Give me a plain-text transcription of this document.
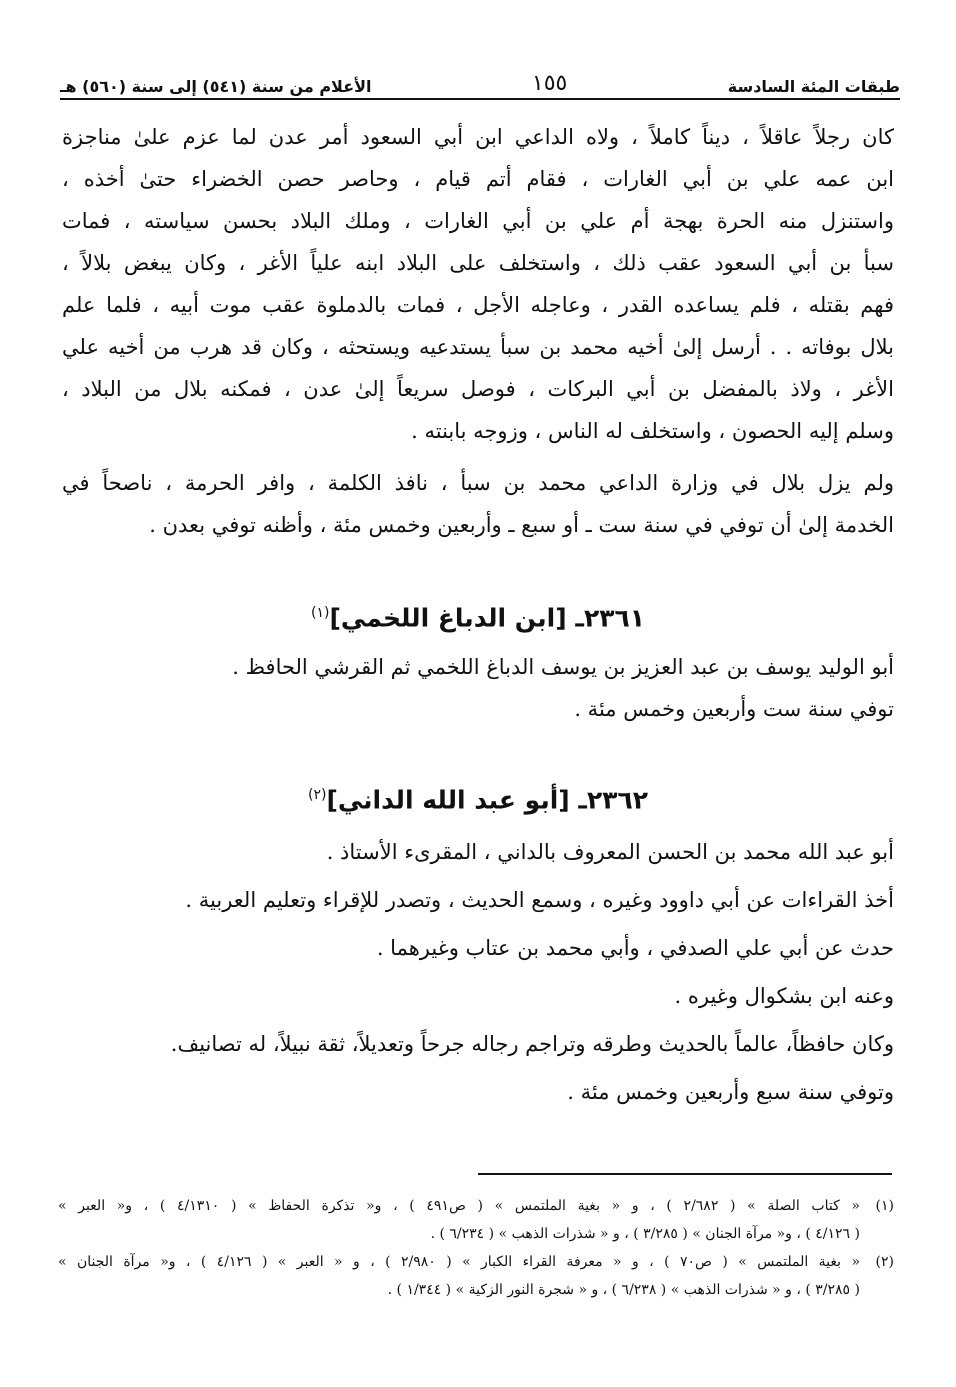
طبقات المئة السادسة
١٥٥
الأعلام من سنة (٥٤١) إلى سنة (٥٦٠) هـ
كان رجلاً عاقلاً ، ديناً كاملاً ، ولاه الداعي ابن أبي السعود أمر عدن لما عزم علىٰ مناجزة
ابن عمه علي بن أبي الغارات ، فقام أتم قيام ، وحاصر حصن الخضراء حتىٰ أخذه ،
واستنزل منه الحرة بهجة أم علي بن أبي الغارات ، وملك البلاد بحسن سياسته ، فمات
سبأ بن أبي السعود عقب ذلك ، واستخلف على البلاد ابنه علياً الأغر ، وكان يبغض بلالاً ،
فهم بقتله ، فلم يساعده القدر ، وعاجله الأجل ، فمات بالدملوة عقب موت أبيه ، فلما علم
بلال بوفاته . . أرسل إلىٰ أخيه محمد بن سبأ يستدعيه ويستحثه ، وكان قد هرب من أخيه علي
الأغر ، ولاذ بالمفضل بن أبي البركات ، فوصل سريعاً إلىٰ عدن ، فمكنه بلال من البلاد ،
وسلم إليه الحصون ، واستخلف له الناس ، وزوجه بابنته .
ولم يزل بلال في وزارة الداعي محمد بن سبأ ، نافذ الكلمة ، وافر الحرمة ، ناصحاً في
الخدمة إلىٰ أن توفي في سنة ست ـ أو سبع ـ وأربعين وخمس مئة ، وأظنه توفي بعدن .
٢٣٦١ـ [ابن الدباغ اللخمي]$^{(١)}$
أبو الوليد يوسف بن عبد العزيز بن يوسف الدباغ اللخمي ثم القرشي الحافظ .
توفي سنة ست وأربعين وخمس مئة .
٢٣٦٢ـ [أبو عبد الله الداني]$^{(٢)}$
أبو عبد الله محمد بن الحسن المعروف بالداني ، المقرىء الأستاذ .
أخذ القراءات عن أبي داوود وغيره ، وسمع الحديث ، وتصدر للإقراء وتعليم العربية .
حدث عن أبي علي الصدفي ، وأبي محمد بن عتاب وغيرهما .
وعنه ابن بشكوال وغيره .
وكان حافظاً، عالماً بالحديث وطرقه وتراجم رجاله جرحاً وتعديلاً، ثقة نبيلاً، له تصانيف.
وتوفي سنة سبع وأربعين وخمس مئة .
(١)
« كتاب الصلة » ( ٢/٦٨٢ ) ، و « بغية الملتمس » ( ص٤٩١ ) ، و« تذكرة الحفاظ » ( ٤/١٣١٠ ) ، و« العبر »
( ٤/١٢٦ ) ، و« مرآة الجنان » ( ٣/٢٨٥ ) ، و « شذرات الذهب » ( ٦/٢٣٤ ) .
(٢)
« بغية الملتمس » ( ص٧٠ ) ، و « معرفة القراء الكبار » ( ٢/٩٨٠ ) ، و « العبر » ( ٤/١٢٦ ) ، و« مرآة الجنان »
( ٣/٢٨٥ ) ، و « شذرات الذهب » ( ٦/٢٣٨ ) ، و « شجرة النور الزكية » ( ١/٣٤٤ ) .
